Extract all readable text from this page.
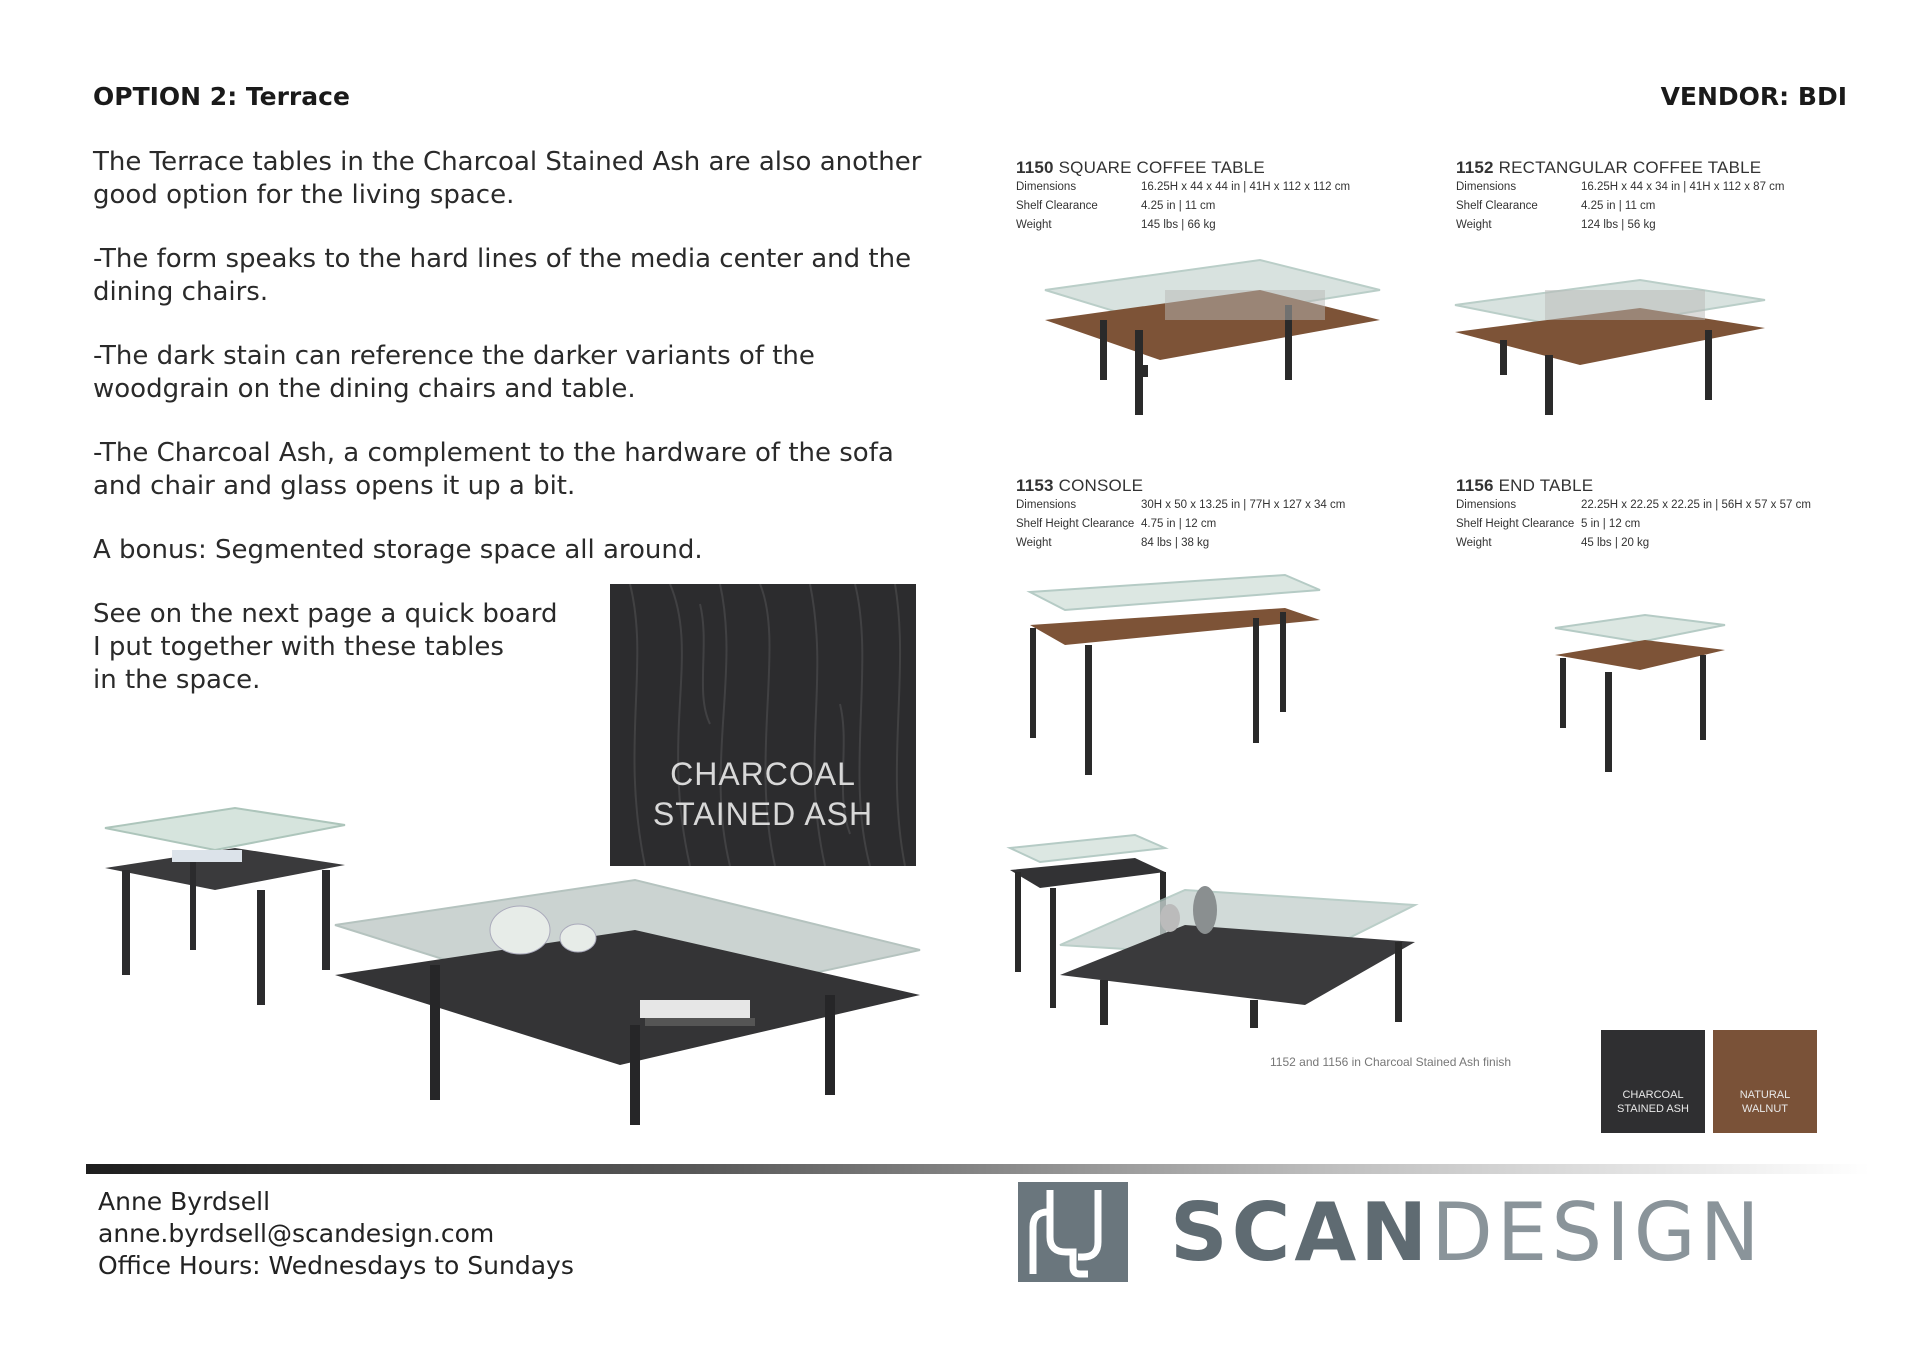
OPTION 2: Terrace	VENDOR: BDI

The Terrace tables in the Charcoal Stained Ash are also another good option for the living space.

-The form speaks to the hard lines of the media center and the dining chairs.

-The dark stain can reference the darker variants of the woodgrain on the dining chairs and table.

-The Charcoal Ash, a complement to the hardware of the sofa and chair and glass opens it up a bit.

A bonus: Segmented storage space all around.

See on the next page a quick board
I put together with these tables
in the space.

CHARCOAL
STAINED ASH
1150 SQUARE COFFEE TABLE
Dimensions	16.25H x 44 x 44 in | 41H x 112 x 112 cm
Shelf Clearance	4.25 in | 11 cm
Weight	145 lbs | 66 kg
1152 RECTANGULAR COFFEE TABLE
Dimensions	16.25H x 44 x 34 in | 41H x 112 x 87 cm
Shelf Clearance	4.25 in | 11 cm
Weight	124 lbs | 56 kg
1153 CONSOLE
Dimensions	30H x 50 x 13.25 in | 77H x 127 x 34 cm
Shelf Height Clearance 4.75 in | 12 cm
Weight	84 lbs | 38 kg
1156 END TABLE
Dimensions	22.25H x 22.25 x 22.25 in | 56H x 57 x 57 cm
Shelf Height Clearance 5 in | 12 cm
Weight	45 lbs | 20 kg
1152 and 1156 in Charcoal Stained Ash finish
CHARCOAL
STAINED ASH
NATURAL
WALNUT
Anne Byrdsell
anne.byrdsell@scandesign.com
Office Hours: Wednesdays to Sundays	SCANDESIGN
